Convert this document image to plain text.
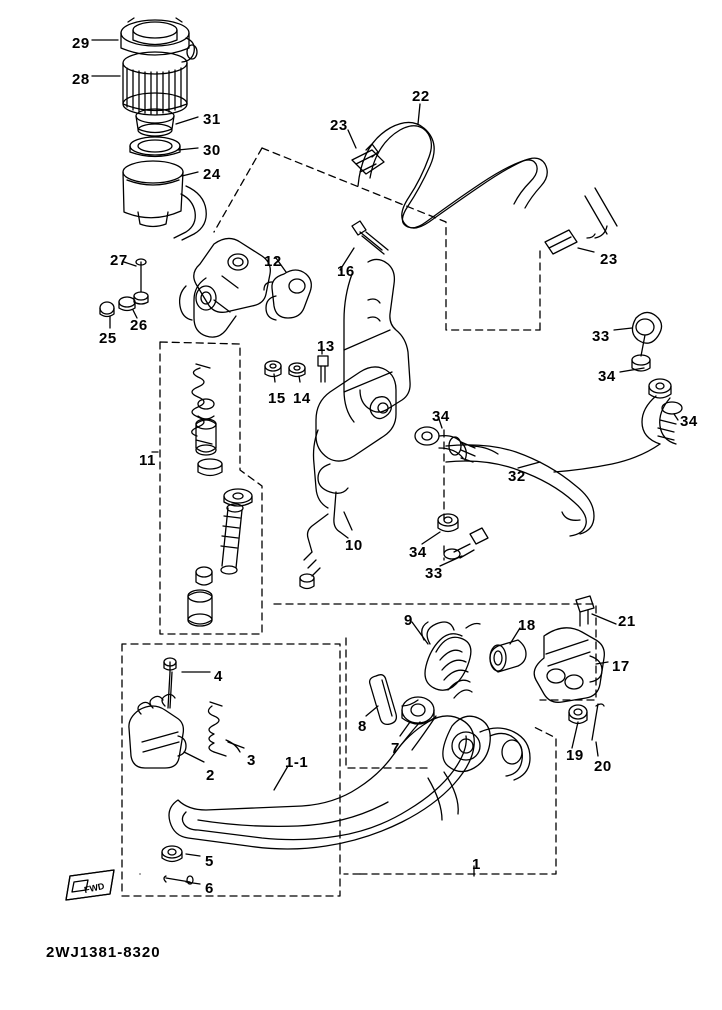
29
28
31
30
24
27
26
25
23
22
23
33
34
34
12
16
13
15 14
11
34
32
10	34
33
9	18	21
17
4
3
2
8
7	19
20
1-1
5
6
1
FWD
2WJ1381-8320
